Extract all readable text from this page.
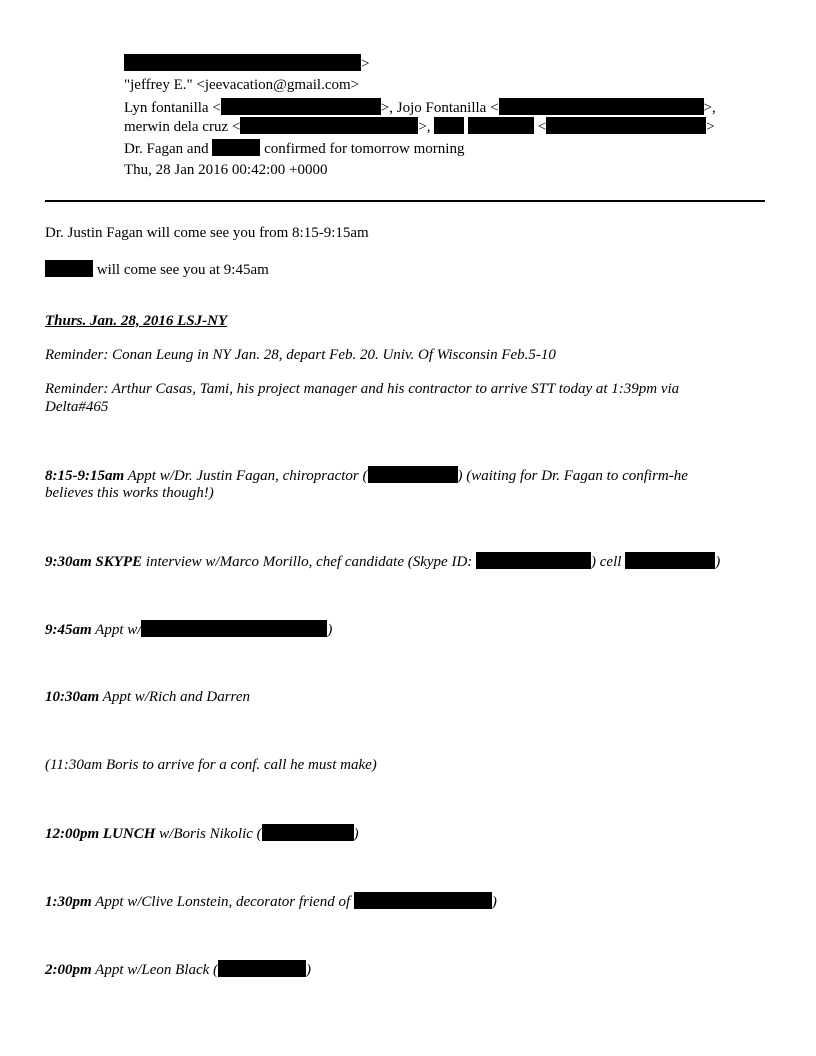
>
"jeffrey E." <jeevacation@gmail.com>
Lyn fontanilla <	>, Jojo Fontanilla <	>,
merwin dela cruz <	>,	<	>
Dr. Fagan and	confirmed for tomorrow morning
Thu, 28 Jan 2016 00:42:00 +0000
Dr. Justin Fagan will come see you from 8:15-9:15am
will come see you at 9:45am
Thurs. Jan. 28, 2016 LSJ-NY
Reminder: Conan Leung in NY Jan. 28, depart Feb. 20. Univ. Of Wisconsin Feb.5-10
Reminder: Arthur Casas, Tami, his project manager and his contractor to arrive STT today at 1:39pm via
Delta#465
8:15-9:15am Appt w/Dr. Justin Fagan, chiropractor (	) (waiting for Dr. Fagan to confirm-he
believes this works though!)
9:30am SKYPE interview w/Marco Morillo, chef candidate (Skype ID:	) cell	)
9:45am Appt w/	)
10:30am Appt w/Rich and Darren
(11:30am Boris to arrive for a conf. call he must make)
12:00pm LUNCH w/Boris Nikolic (	)
1:30pm Appt w/Clive Lonstein, decorator friend of	)
2:00pm Appt w/Leon Black (	)
